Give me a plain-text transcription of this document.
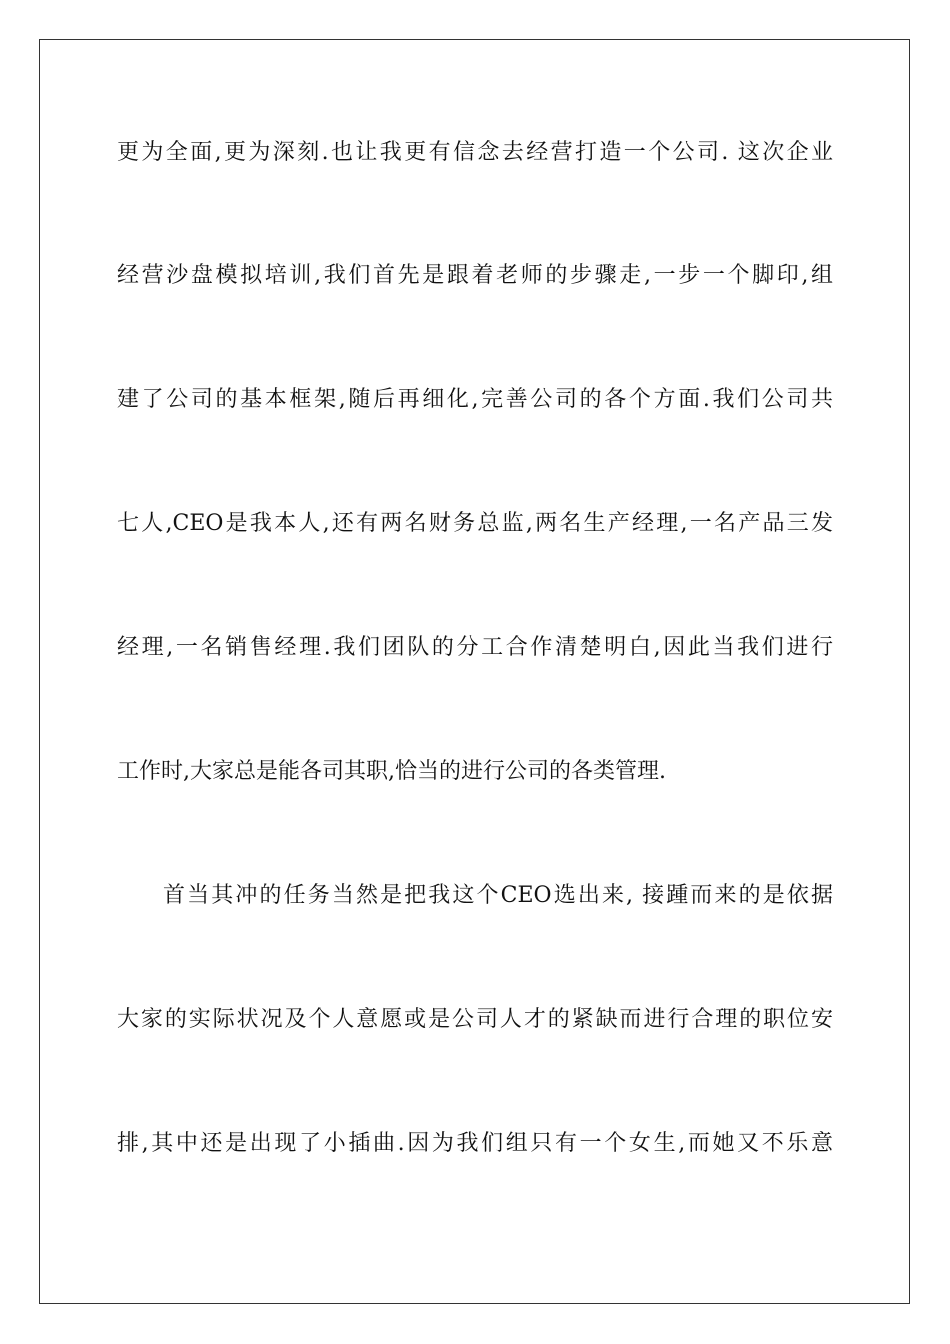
更为全面,更为深刻.也让我更有信念去经营打造一个公司. 这次企业
经营沙盘模拟培训,我们首先是跟着老师的步骤走,一步一个脚印,组
建了公司的基本框架,随后再细化,完善公司的各个方面.我们公司共
七人,CEO是我本人,还有两名财务总监,两名生产经理,一名产品三发
经理,一名销售经理.我们团队的分工合作清楚明白,因此当我们进行
工作时,大家总是能各司其职,恰当的进行公司的各类管理.
首当其冲的任务当然是把我这个CEO选出来, 接踵而来的是依据
大家的实际状况及个人意愿或是公司人才的紧缺而进行合理的职位安
排,其中还是出现了小插曲.因为我们组只有一个女生,而她又不乐意
